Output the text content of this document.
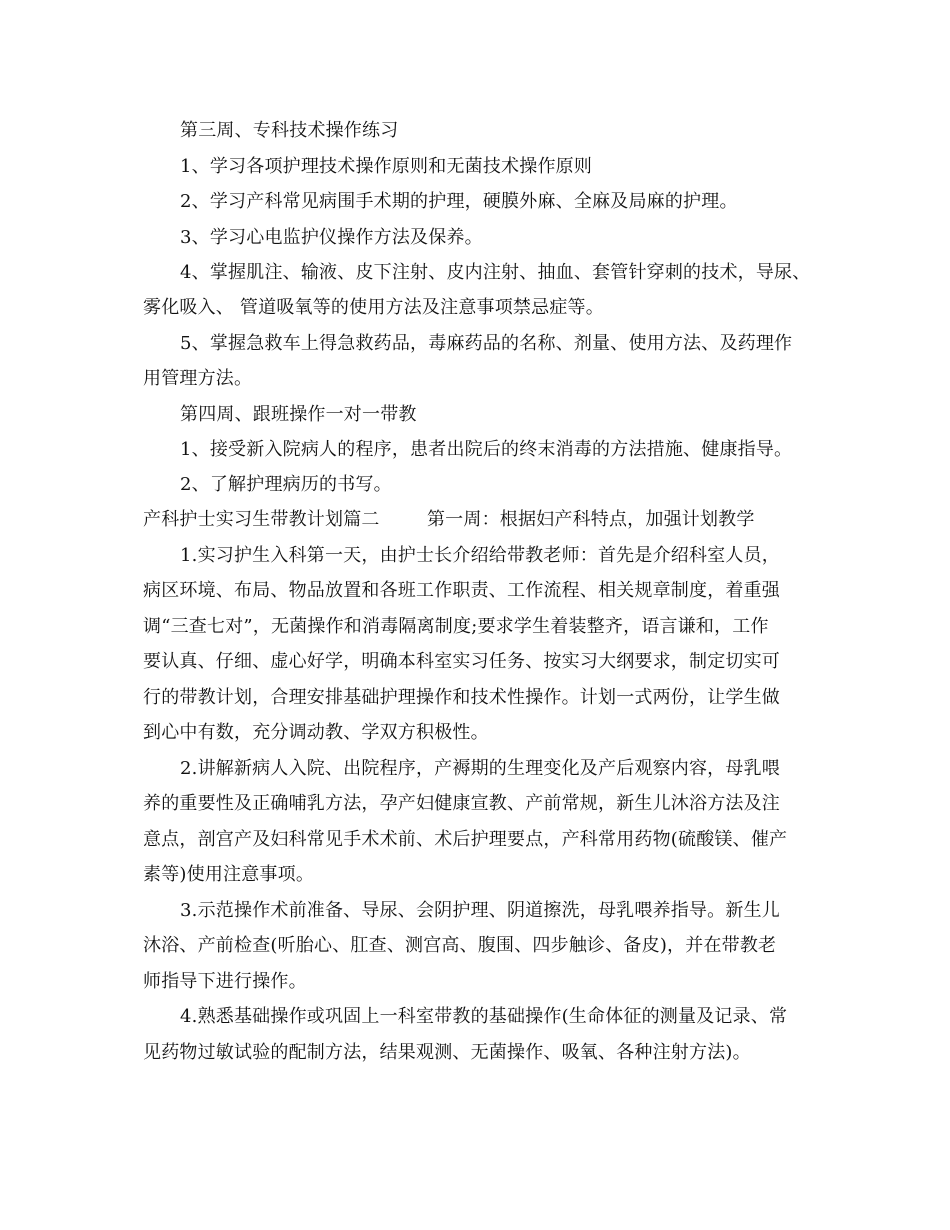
第三周、专科技术操作练习
1、学习各项护理技术操作原则和无菌技术操作原则
2、学习产科常见病围手术期的护理，硬膜外麻、全麻及局麻的护理。
3、学习心电监护仪操作方法及保养。
4、掌握肌注、输液、皮下注射、皮内注射、抽血、套管针穿刺的技术，导尿、
雾化吸入、 管道吸氧等的使用方法及注意事项禁忌症等。
5、掌握急救车上得急救药品，毒麻药品的名称、剂量、使用方法、及药理作
用管理方法。
第四周、跟班操作一对一带教
1、接受新入院病人的程序，患者出院后的终末消毒的方法措施、健康指导。
2、了解护理病历的书写。
产科护士实习生带教计划篇二        第一周：根据妇产科特点，加强计划教学
1.实习护生入科第一天，由护士长介绍给带教老师：首先是介绍科室人员，
病区环境、布局、物品放置和各班工作职责、工作流程、相关规章制度，着重强
调“三查七对”，无菌操作和消毒隔离制度;要求学生着装整齐，语言谦和，工作
要认真、仔细、虚心好学，明确本科室实习任务、按实习大纲要求，制定切实可
行的带教计划，合理安排基础护理操作和技术性操作。计划一式两份，让学生做
到心中有数，充分调动教、学双方积极性。
2.讲解新病人入院、出院程序，产褥期的生理变化及产后观察内容，母乳喂
养的重要性及正确哺乳方法，孕产妇健康宣教、产前常规，新生儿沐浴方法及注
意点，剖宫产及妇科常见手术术前、术后护理要点，产科常用药物(硫酸镁、催产
素等)使用注意事项。
3.示范操作术前准备、导尿、会阴护理、阴道擦洗，母乳喂养指导。新生儿
沐浴、产前检查(听胎心、肛查、测宫高、腹围、四步触诊、备皮)，并在带教老
师指导下进行操作。
4.熟悉基础操作或巩固上一科室带教的基础操作(生命体征的测量及记录、常
见药物过敏试验的配制方法，结果观测、无菌操作、吸氧、各种注射方法)。
